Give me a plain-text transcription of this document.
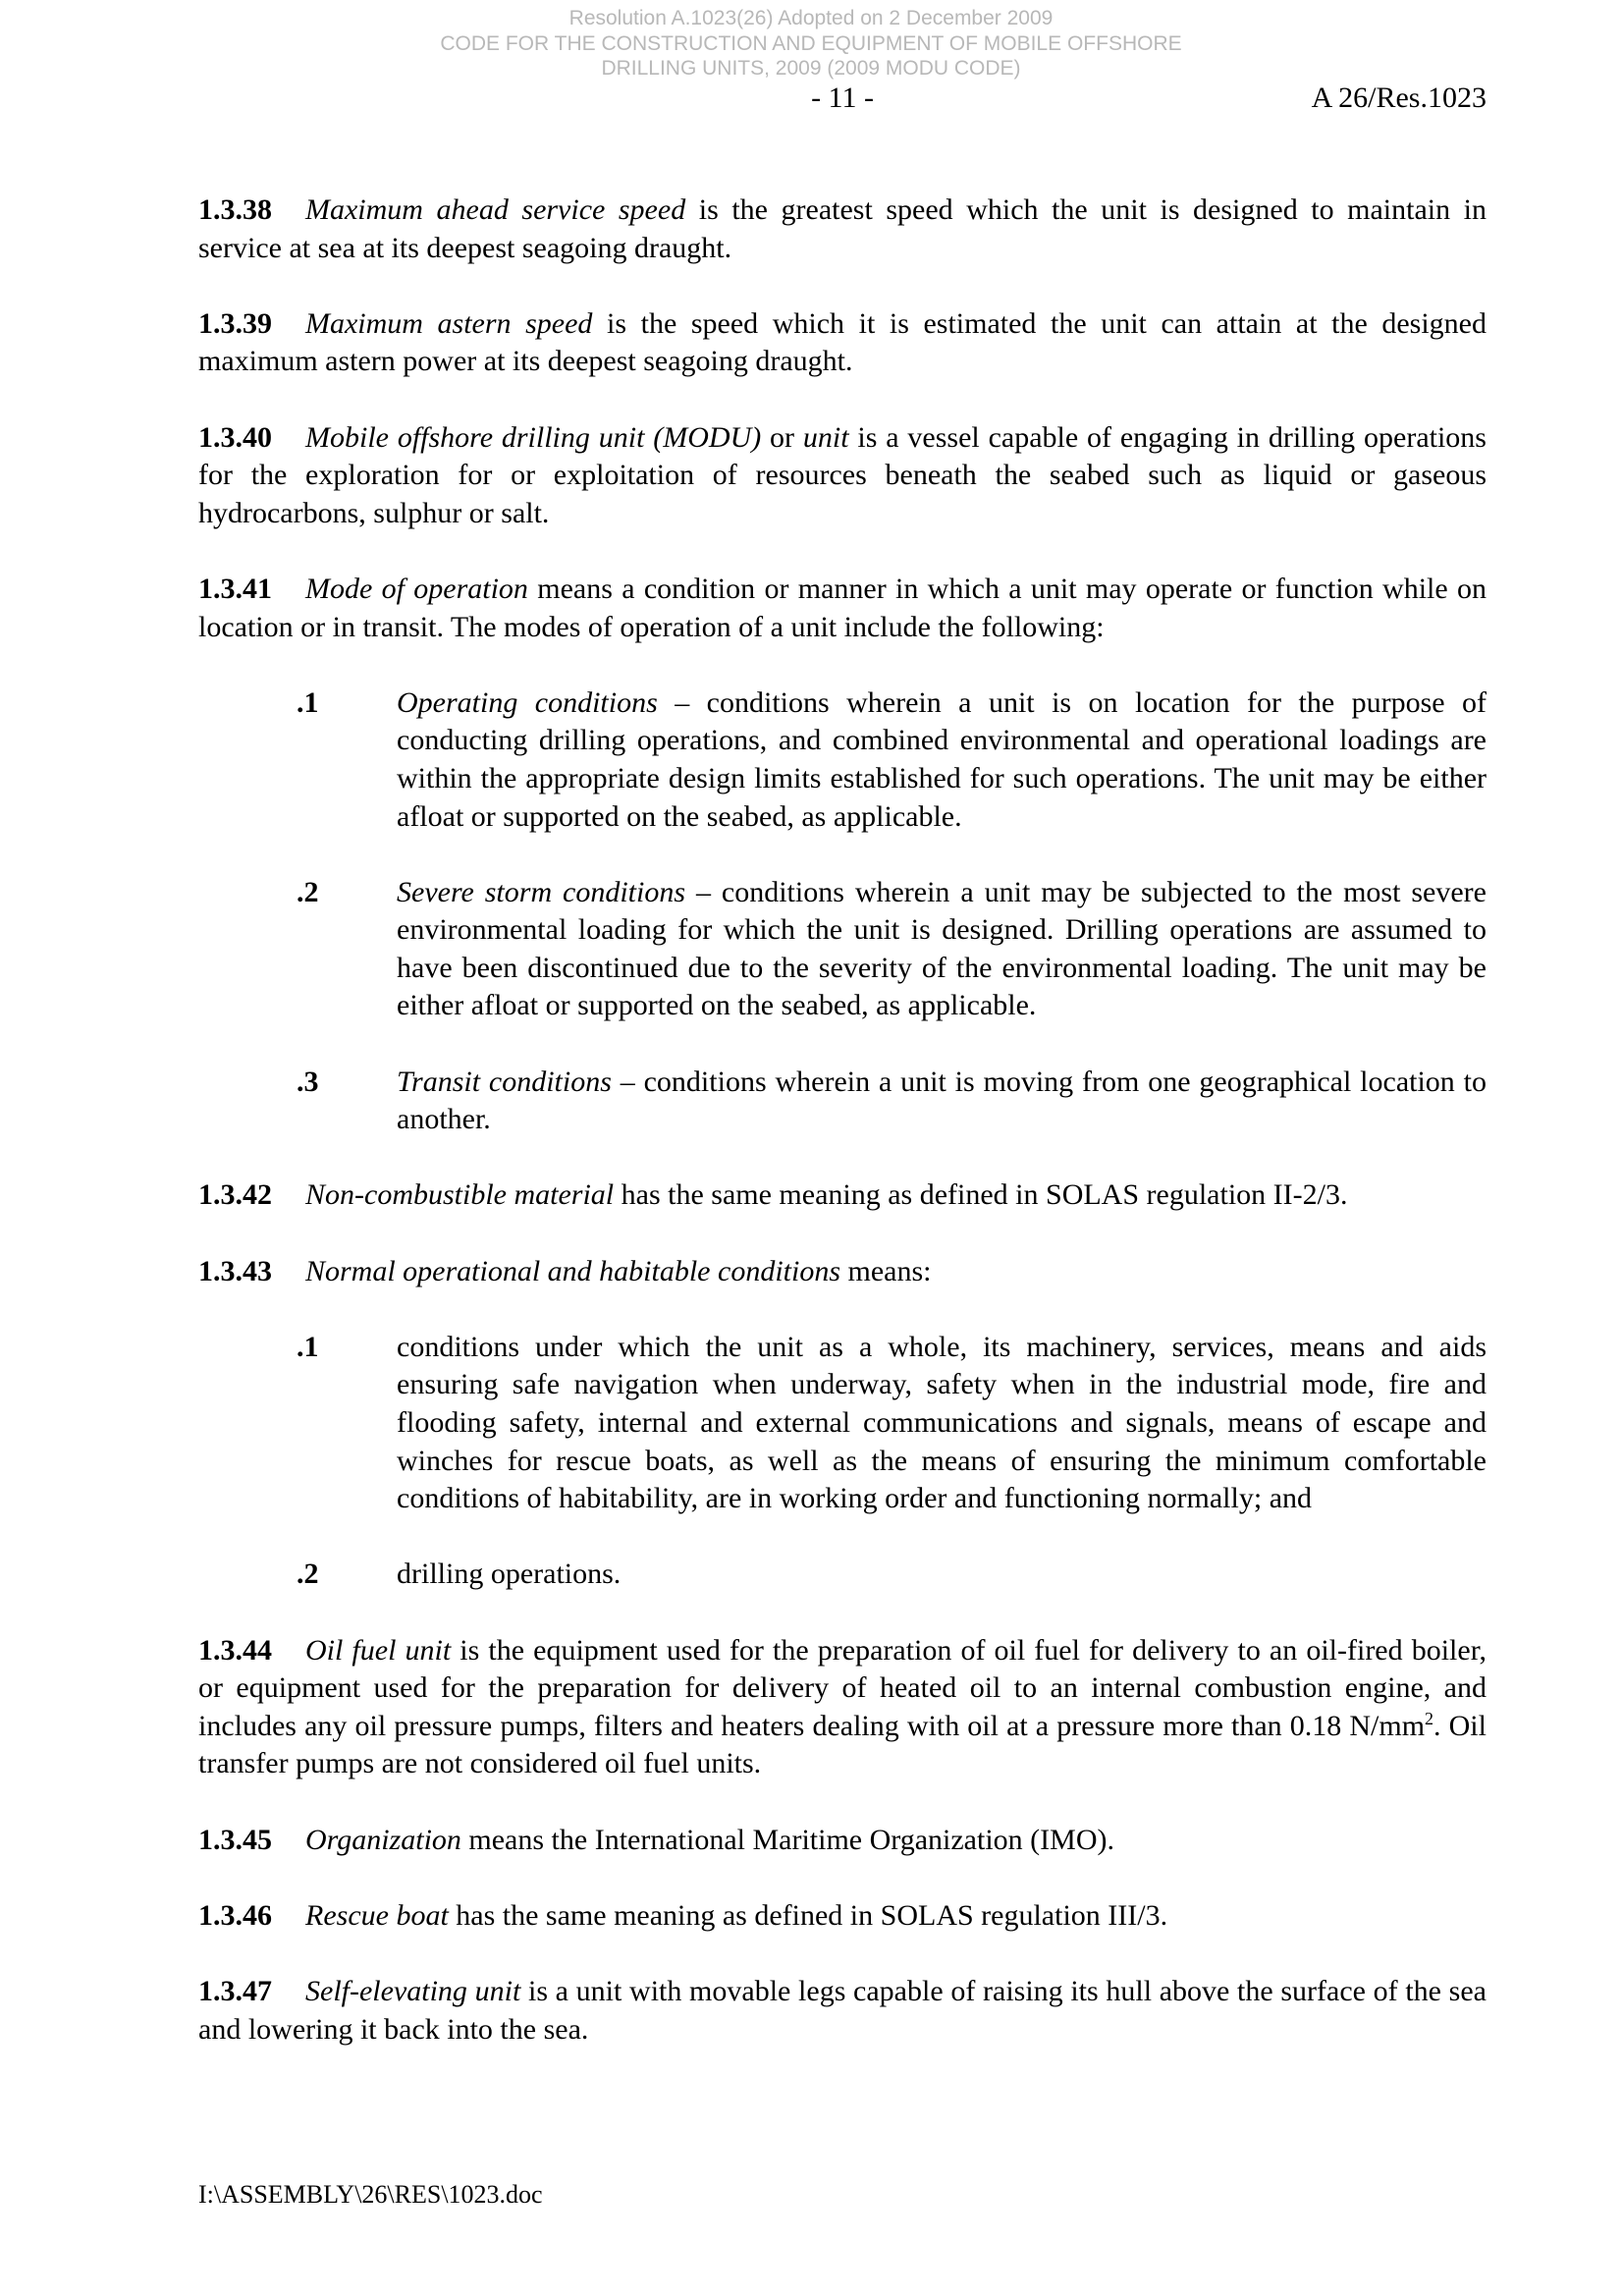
Resolution A.1023(26) Adopted on 2 December 2009
CODE FOR THE CONSTRUCTION AND EQUIPMENT OF MOBILE OFFSHORE
DRILLING UNITS, 2009 (2009 MODU CODE)
- 11 -	A 26/Res.1023

1.3.38 Maximum ahead service speed is the greatest speed which the unit is designed to maintain in service at sea at its deepest seagoing draught.

1.3.39 Maximum astern speed is the speed which it is estimated the unit can attain at the designed maximum astern power at its deepest seagoing draught.

1.3.40 Mobile offshore drilling unit (MODU) or unit is a vessel capable of engaging in drilling operations for the exploration for or exploitation of resources beneath the seabed such as liquid or gaseous hydrocarbons, sulphur or salt.

1.3.41 Mode of operation means a condition or manner in which a unit may operate or function while on location or in transit. The modes of operation of a unit include the following:

.1	Operating conditions – conditions wherein a unit is on location for the purpose of conducting drilling operations, and combined environmental and operational loadings are within the appropriate design limits established for such operations. The unit may be either afloat or supported on the seabed, as applicable.
.2	Severe storm conditions – conditions wherein a unit may be subjected to the most severe environmental loading for which the unit is designed. Drilling operations are assumed to have been discontinued due to the severity of the environmental loading. The unit may be either afloat or supported on the seabed, as applicable.
.3	Transit conditions – conditions wherein a unit is moving from one geographical location to another.

1.3.42 Non-combustible material has the same meaning as defined in SOLAS regulation II-2/3.

1.3.43 Normal operational and habitable conditions means:

.1	conditions under which the unit as a whole, its machinery, services, means and aids ensuring safe navigation when underway, safety when in the industrial mode, fire and flooding safety, internal and external communications and signals, means of escape and winches for rescue boats, as well as the means of ensuring the minimum comfortable conditions of habitability, are in working order and functioning normally; and
.2	drilling operations.

1.3.44 Oil fuel unit is the equipment used for the preparation of oil fuel for delivery to an oil-fired boiler, or equipment used for the preparation for delivery of heated oil to an internal combustion engine, and includes any oil pressure pumps, filters and heaters dealing with oil at a pressure more than 0.18 $N/mm^2$. Oil transfer pumps are not considered oil fuel units.

1.3.45 Organization means the International Maritime Organization (IMO).

1.3.46 Rescue boat has the same meaning as defined in SOLAS regulation III/3.

1.3.47 Self-elevating unit is a unit with movable legs capable of raising its hull above the surface of the sea and lowering it back into the sea.

I:\ASSEMBLY\26\RES\1023.doc
